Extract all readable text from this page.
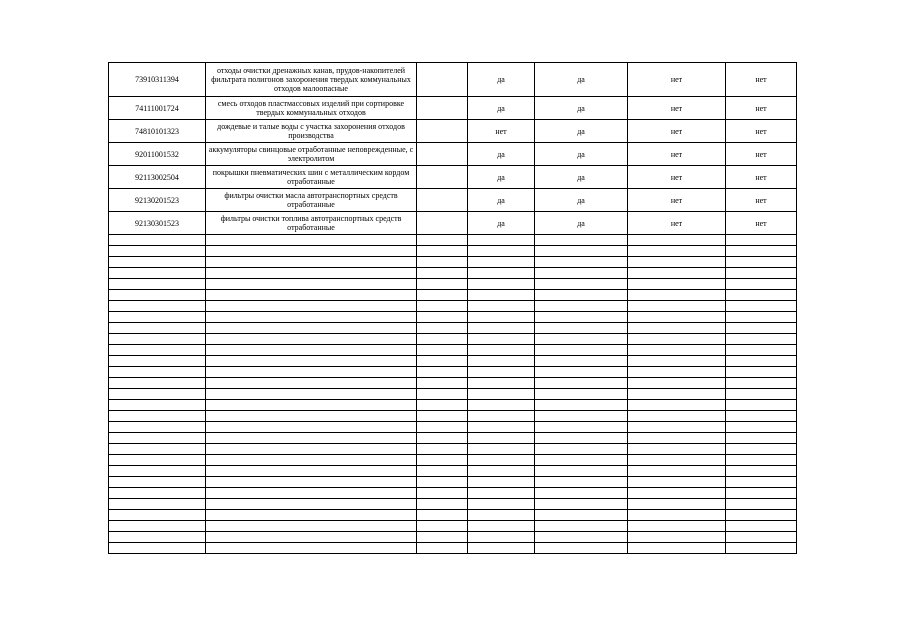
73910311394	отходы очистки дренажных канав, прудов-накопителей фильтрата полигонов захоронения твердых коммунальных отходов малоопасные		да	да	нет	нет
74111001724	смесь отходов пластмассовых изделий при сортировке твердых коммунальных отходов		да	да	нет	нет
74810101323	дождевые и талые воды с участка захоронения отходов производства		нет	да	нет	нет
92011001532	аккумуляторы свинцовые отработанные неповрежденные, с электролитом		да	да	нет	нет
92113002504	покрышки пневматических шин с металлическим кордом отработанные		да	да	нет	нет
92130201523	фильтры очистки масла автотранспортных средств отработанные		да	да	нет	нет
92130301523	фильтры очистки топлива автотранспортных средств отработанные		да	да	нет	нет
